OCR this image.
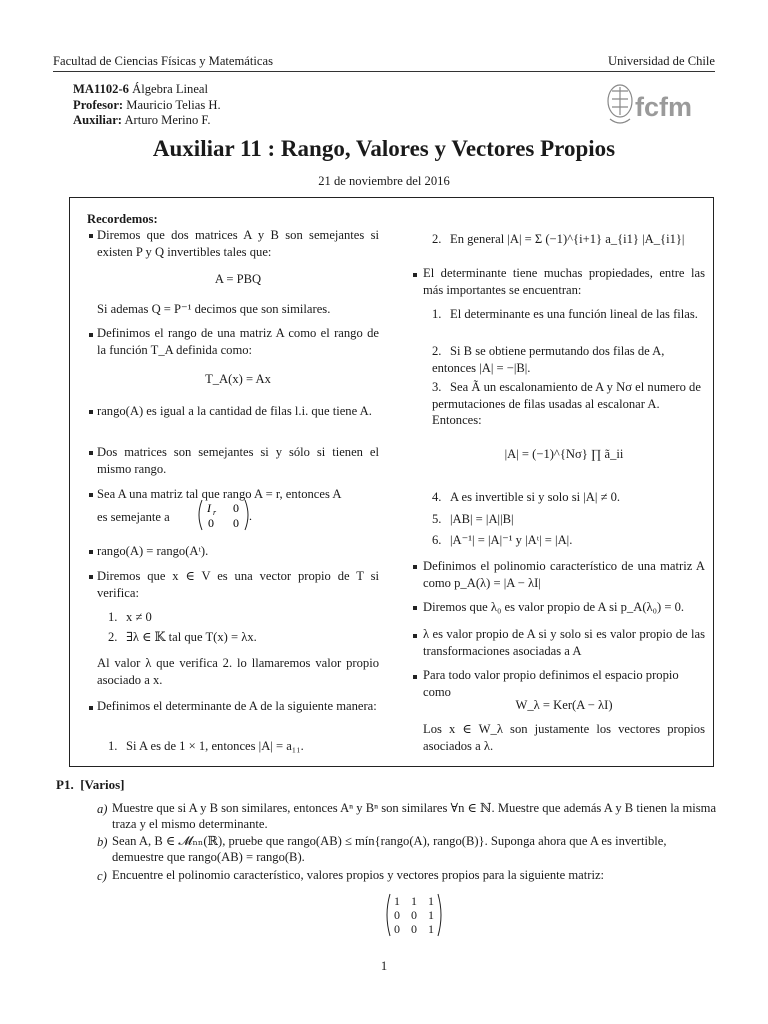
Facultad de Ciencias Físicas y Matemáticas	Universidad de Chile
MA1102-6 Álgebra Lineal
Profesor: Mauricio Telias H.
Auxiliar: Arturo Merino F.	fcfm
Auxiliar 11 : Rango, Valores y Vectores Propios
21 de noviembre del 2016
Recordemos:
Diremos que dos matrices A y B son semejantes si existen P y Q invertibles tales que:
A = PBQ
Si ademas Q = P⁻¹ decimos que son similares.
Definimos el rango de una matriz A como el rango de la función T_A definida como:
T_A(x) = Ax
rango(A) es igual a la cantidad de filas l.i. que tiene A.
Dos matrices son semejantes si y sólo si tienen el mismo rango.
Sea A una matriz tal que rango A = r, entonces A
es semejante a
I r 0
0 0 .
rango(A) = rango(Aᵗ).
Diremos que x ∈ V es una vector propio de T si verifica:
1. x ≠ 0
2. ∃λ ∈ 𝕂 tal que T(x) = λx.
Al valor λ que verifica 2. lo llamaremos valor propio asociado a x.
Definimos el determinante de A de la siguiente manera:
1. Si A es de 1 × 1, entonces |A| = a₁₁.
2. En general |A| = Σ (−1)^{i+1} a_{i1} |A_{i1}|
El determinante tiene muchas propiedades, entre las más importantes se encuentran:
1. El determinante es una función lineal de las filas.
2. Si B se obtiene permutando dos filas de A, entonces |A| = −|B|.
3. Sea Ã un escalonamiento de A y Nσ el numero de permutaciones de filas usadas al escalonar A. Entonces:
|A| = (−1)^{Nσ} ∏ ã_ii
4. A es invertible si y solo si |A| ≠ 0.
5. |AB| = |A||B|
6. |A⁻¹| = |A|⁻¹ y |Aᵗ| = |A|.
Definimos el polinomio característico de una matriz A como p_A(λ) = |A − λI|
Diremos que λ₀ es valor propio de A si p_A(λ₀) = 0.
λ es valor propio de A si y solo si es valor propio de las transformaciones asociadas a A
Para todo valor propio definimos el espacio propio como
W_λ = Ker(A − λI)
Los x ∈ W_λ son justamente los vectores propios asociados a λ.
P1. [Varios]
a) Muestre que si A y B son similares, entonces Aⁿ y Bⁿ son similares ∀n ∈ ℕ. Muestre que además A y B tienen la misma traza y el mismo determinante.
b) Sean A, B ∈ 𝓜ₙₙ(ℝ), pruebe que rango(AB) ≤ mín{rango(A), rango(B)}. Suponga ahora que A es invertible, demuestre que rango(AB) = rango(B).
c) Encuentre el polinomio característico, valores propios y vectores propios para la siguiente matriz:
1 1 1
0 0 1
0 0 1
1
